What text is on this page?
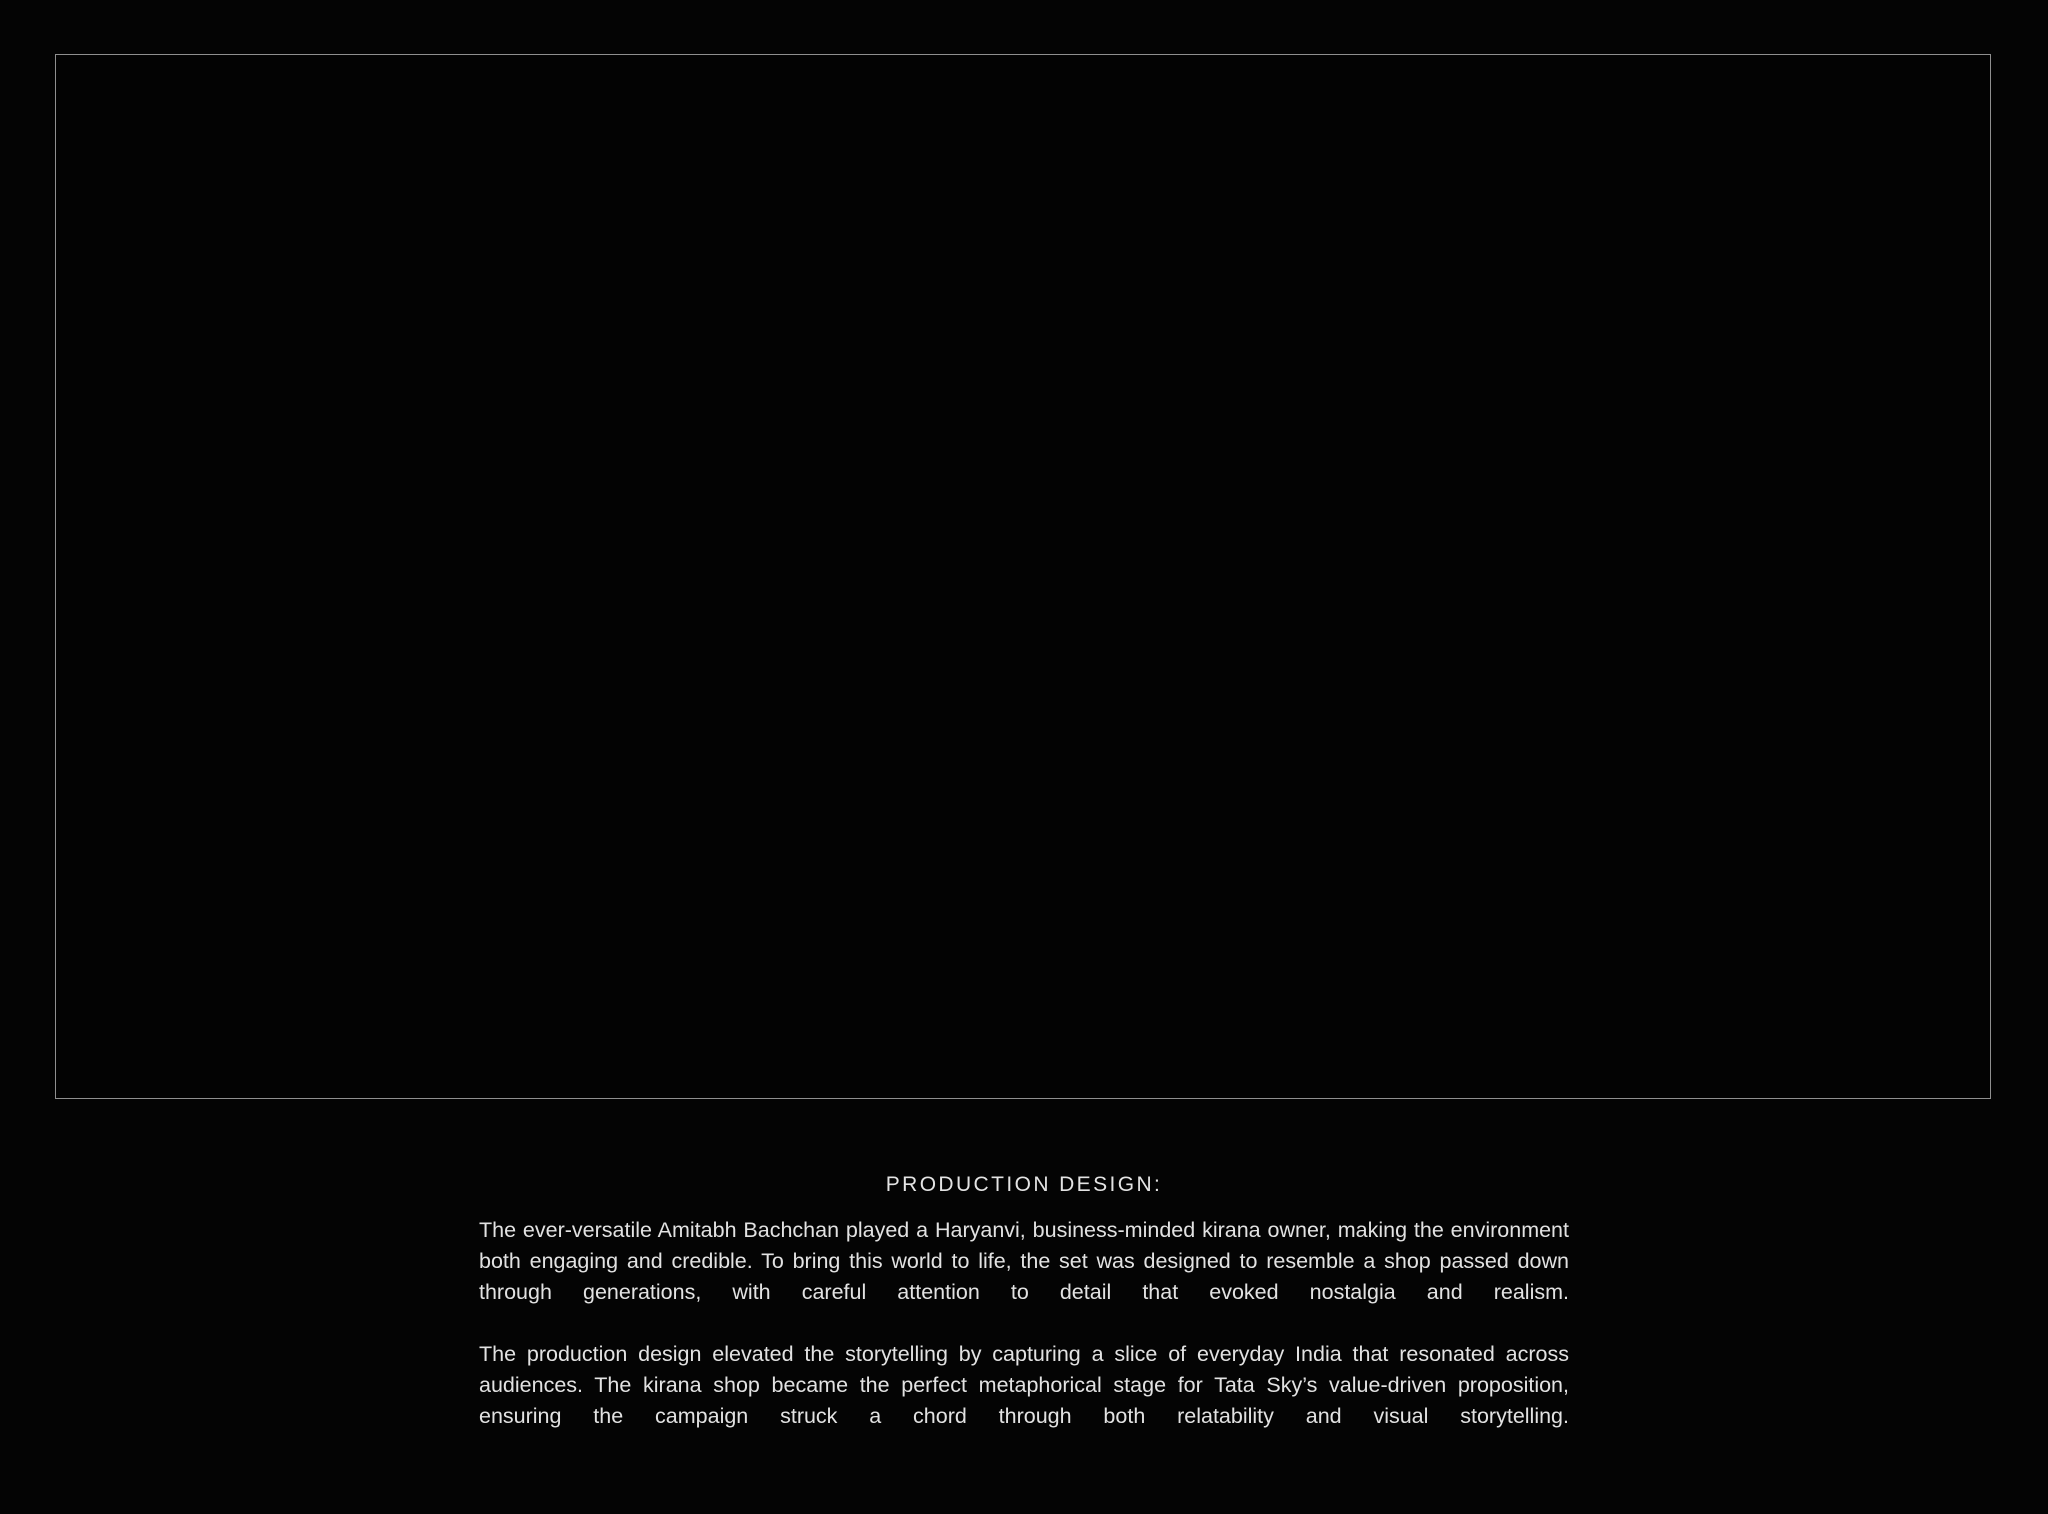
PRODUCTION DESIGN:

The ever-versatile Amitabh Bachchan played a Haryanvi, business-minded kirana owner, making the environment both engaging and credible. To bring this world to life, the set was designed to resemble a shop passed down through generations, with careful attention to detail that evoked nostalgia and realism.

The production design elevated the storytelling by capturing a slice of everyday India that resonated across audiences. The kirana shop became the perfect metaphorical stage for Tata Sky’s value-driven proposition, ensuring the campaign struck a chord through both relatability and visual storytelling.
